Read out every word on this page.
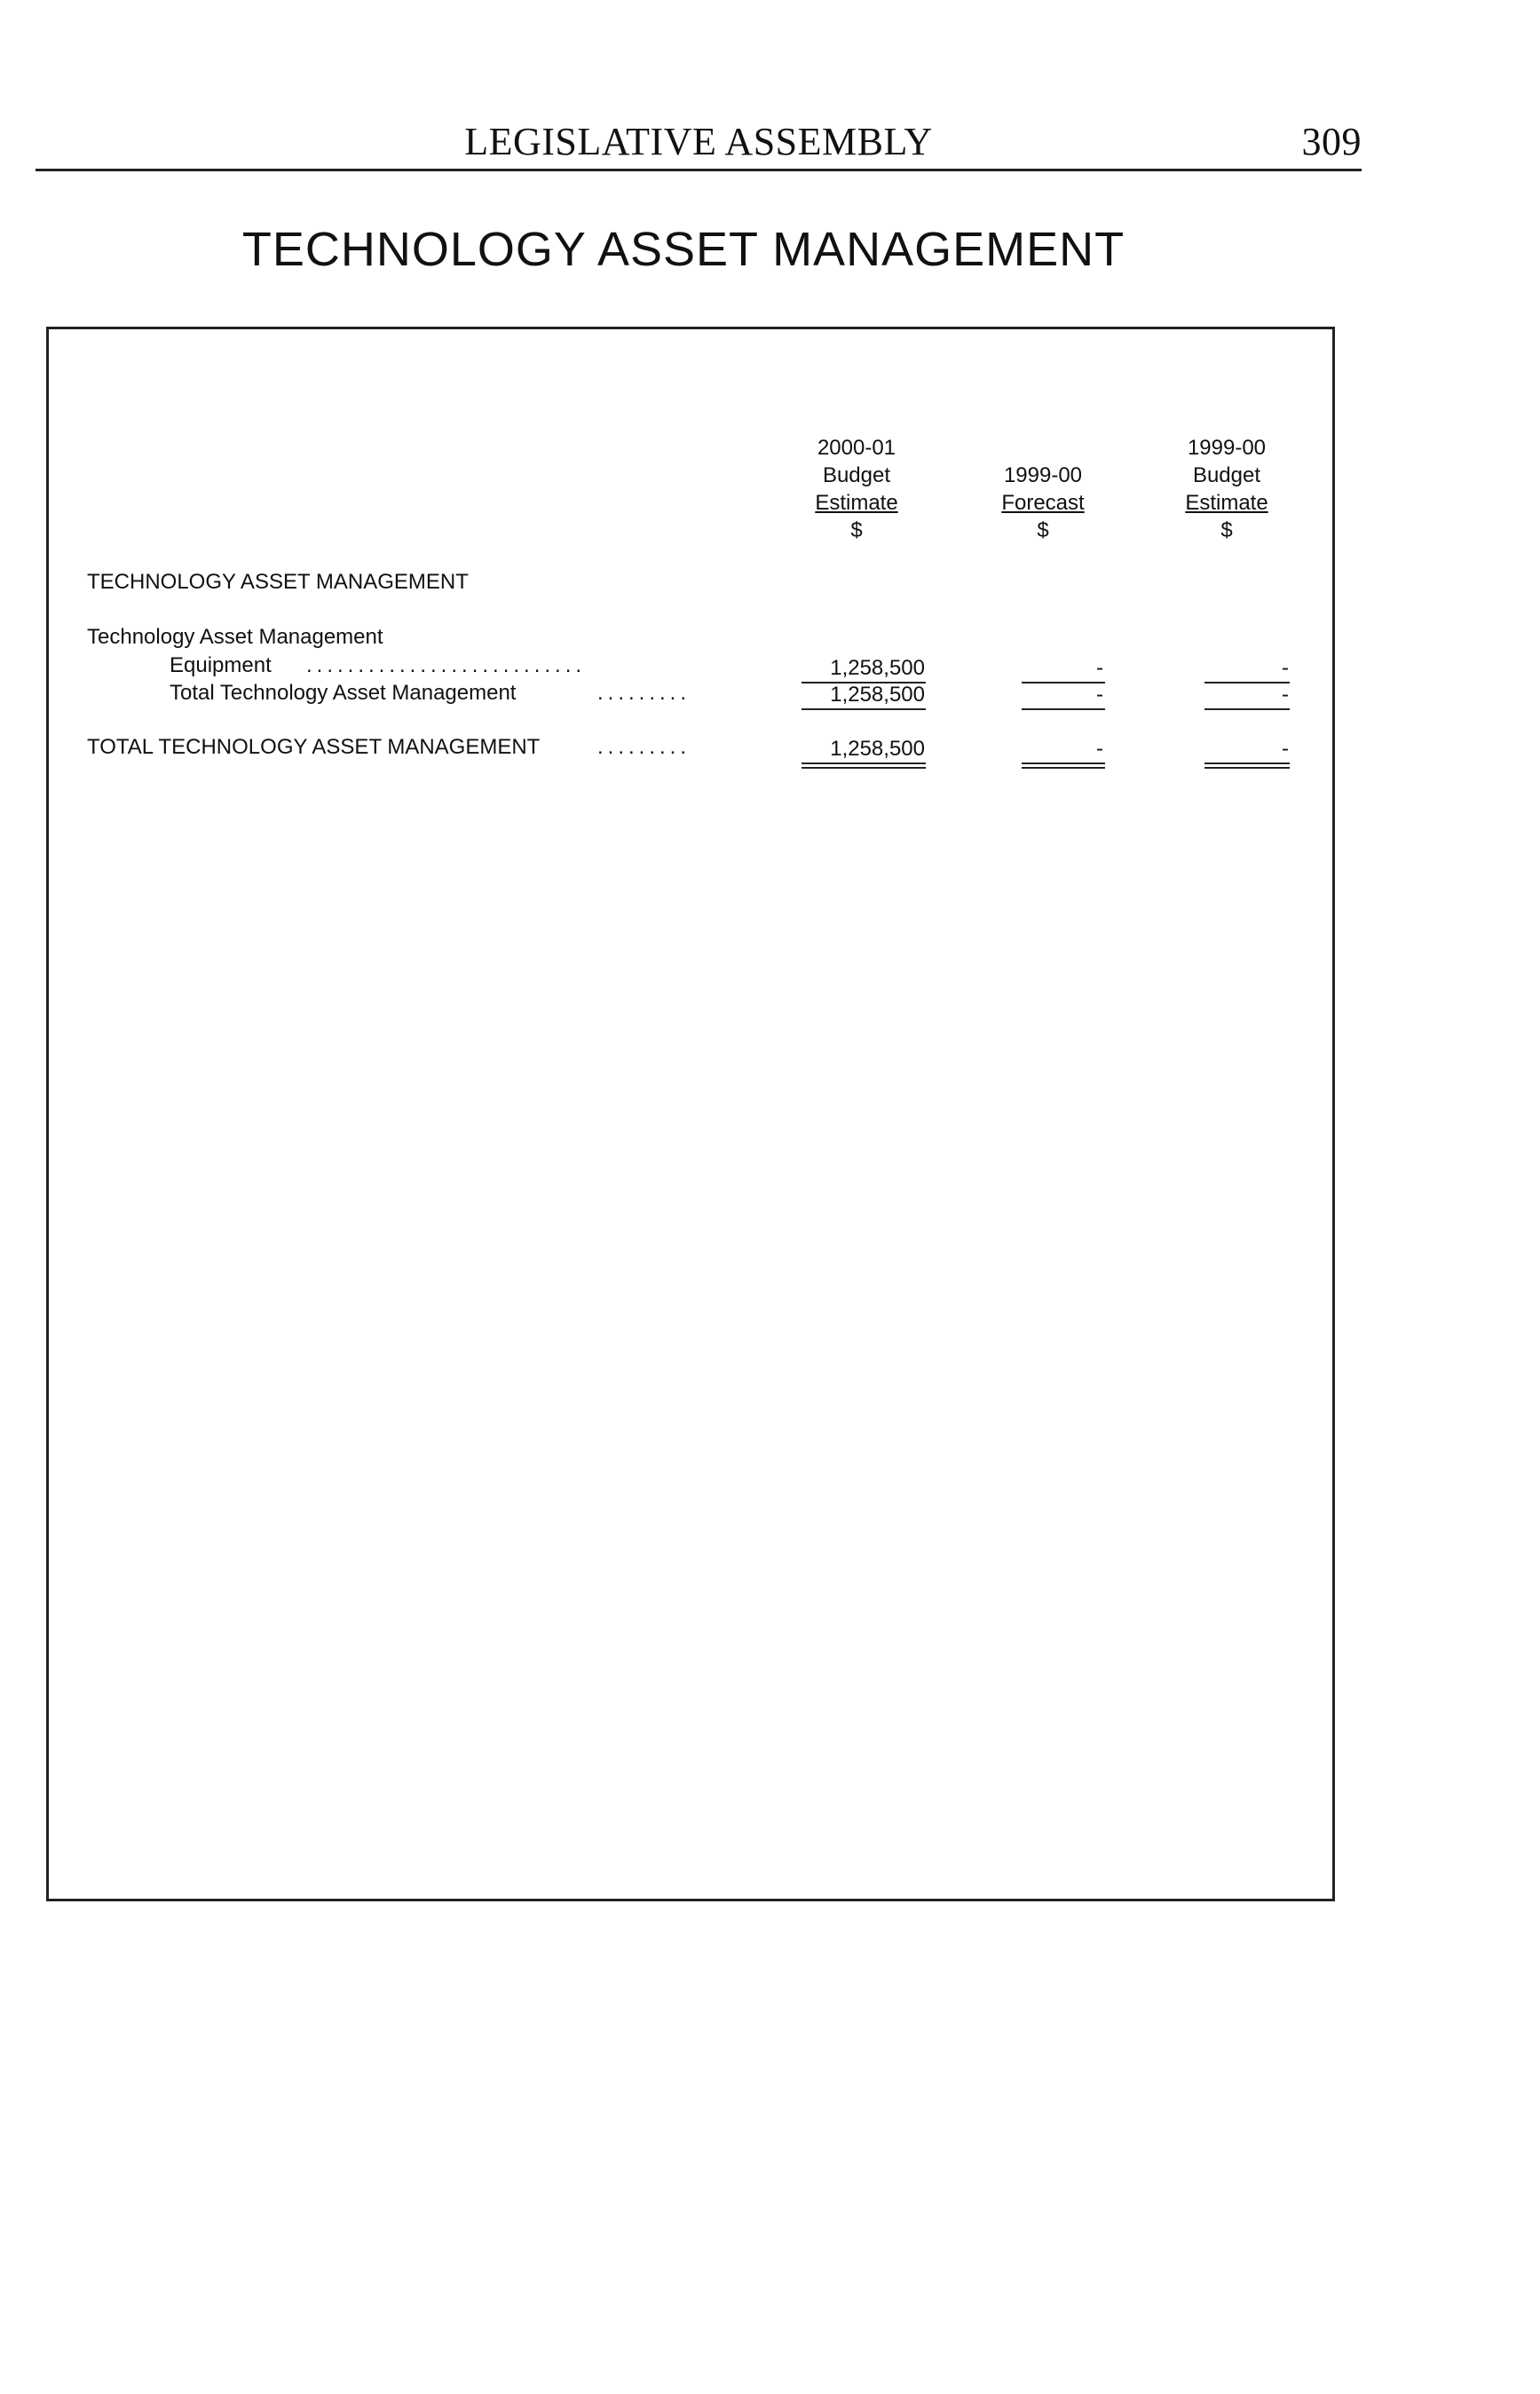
LEGISLATIVE ASSEMBLY	309
TECHNOLOGY ASSET MANAGEMENT
2000-01
Budget
Estimate
$

1999-00
Forecast
$
1999-00
Budget
Estimate
$
TECHNOLOGY ASSET MANAGEMENT
Technology Asset Management
Equipment ...........................	1,258,500	-	-
Total Technology Asset Management	.........	1,258,500	-	-
TOTAL TECHNOLOGY ASSET MANAGEMENT	.........	1,258,500	-	-
